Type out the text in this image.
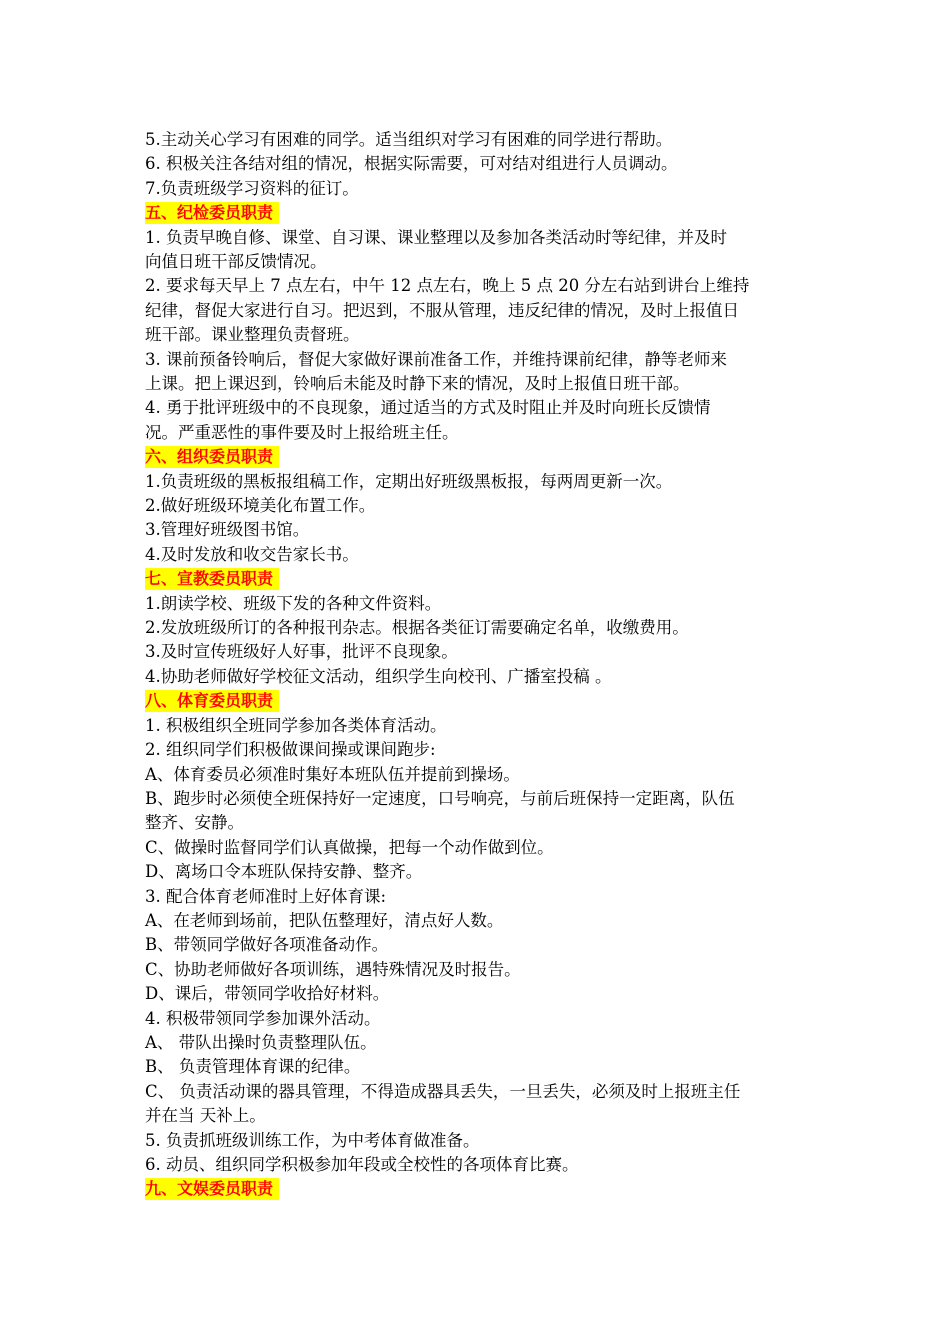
5.主动关心学习有困难的同学。适当组织对学习有困难的同学进行帮助。
6. 积极关注各结对组的情况，根据实际需要，可对结对组进行人员调动。
7.负责班级学习资料的征订。
五、纪检委员职责
1. 负责早晚自修、课堂、自习课、课业整理以及参加各类活动时等纪律，并及时
向值日班干部反馈情况。
2. 要求每天早上 7 点左右，中午 12 点左右，晚上 5 点 20 分左右站到讲台上维持
纪律，督促大家进行自习。把迟到，不服从管理，违反纪律的情况，及时上报值日
班干部。课业整理负责督班。
3. 课前预备铃响后，督促大家做好课前准备工作，并维持课前纪律，静等老师来
上课。把上课迟到，铃响后未能及时静下来的情况，及时上报值日班干部。
4. 勇于批评班级中的不良现象，通过适当的方式及时阻止并及时向班长反馈情
况。严重恶性的事件要及时上报给班主任。
六、组织委员职责
1.负责班级的黑板报组稿工作，定期出好班级黑板报，每两周更新一次。
2.做好班级环境美化布置工作。
3.管理好班级图书馆。
4.及时发放和收交告家长书。
七、宣教委员职责
1.朗读学校、班级下发的各种文件资料。
2.发放班级所订的各种报刊杂志。根据各类征订需要确定名单，收缴费用。
3.及时宣传班级好人好事，批评不良现象。
4.协助老师做好学校征文活动，组织学生向校刊、广播室投稿 。
八、体育委员职责
1. 积极组织全班同学参加各类体育活动。
2. 组织同学们积极做课间操或课间跑步:
A、体育委员必须准时集好本班队伍并提前到操场。
B、跑步时必须使全班保持好一定速度，口号响亮，与前后班保持一定距离，队伍
整齐、安静。
C、做操时监督同学们认真做操，把每一个动作做到位。
D、离场口令本班队保持安静、整齐。
3. 配合体育老师准时上好体育课:
A、在老师到场前，把队伍整理好，清点好人数。
B、带领同学做好各项准备动作。
C、协助老师做好各项训练，遇特殊情况及时报告。
D、课后，带领同学收拾好材料。
4. 积极带领同学参加课外活动。
A、 带队出操时负责整理队伍。
B、 负责管理体育课的纪律。
C、 负责活动课的器具管理，不得造成器具丢失，一旦丢失，必须及时上报班主任
并在当 天补上。
5. 负责抓班级训练工作，为中考体育做准备。
6. 动员、组织同学积极参加年段或全校性的各项体育比赛。
九、文娱委员职责
